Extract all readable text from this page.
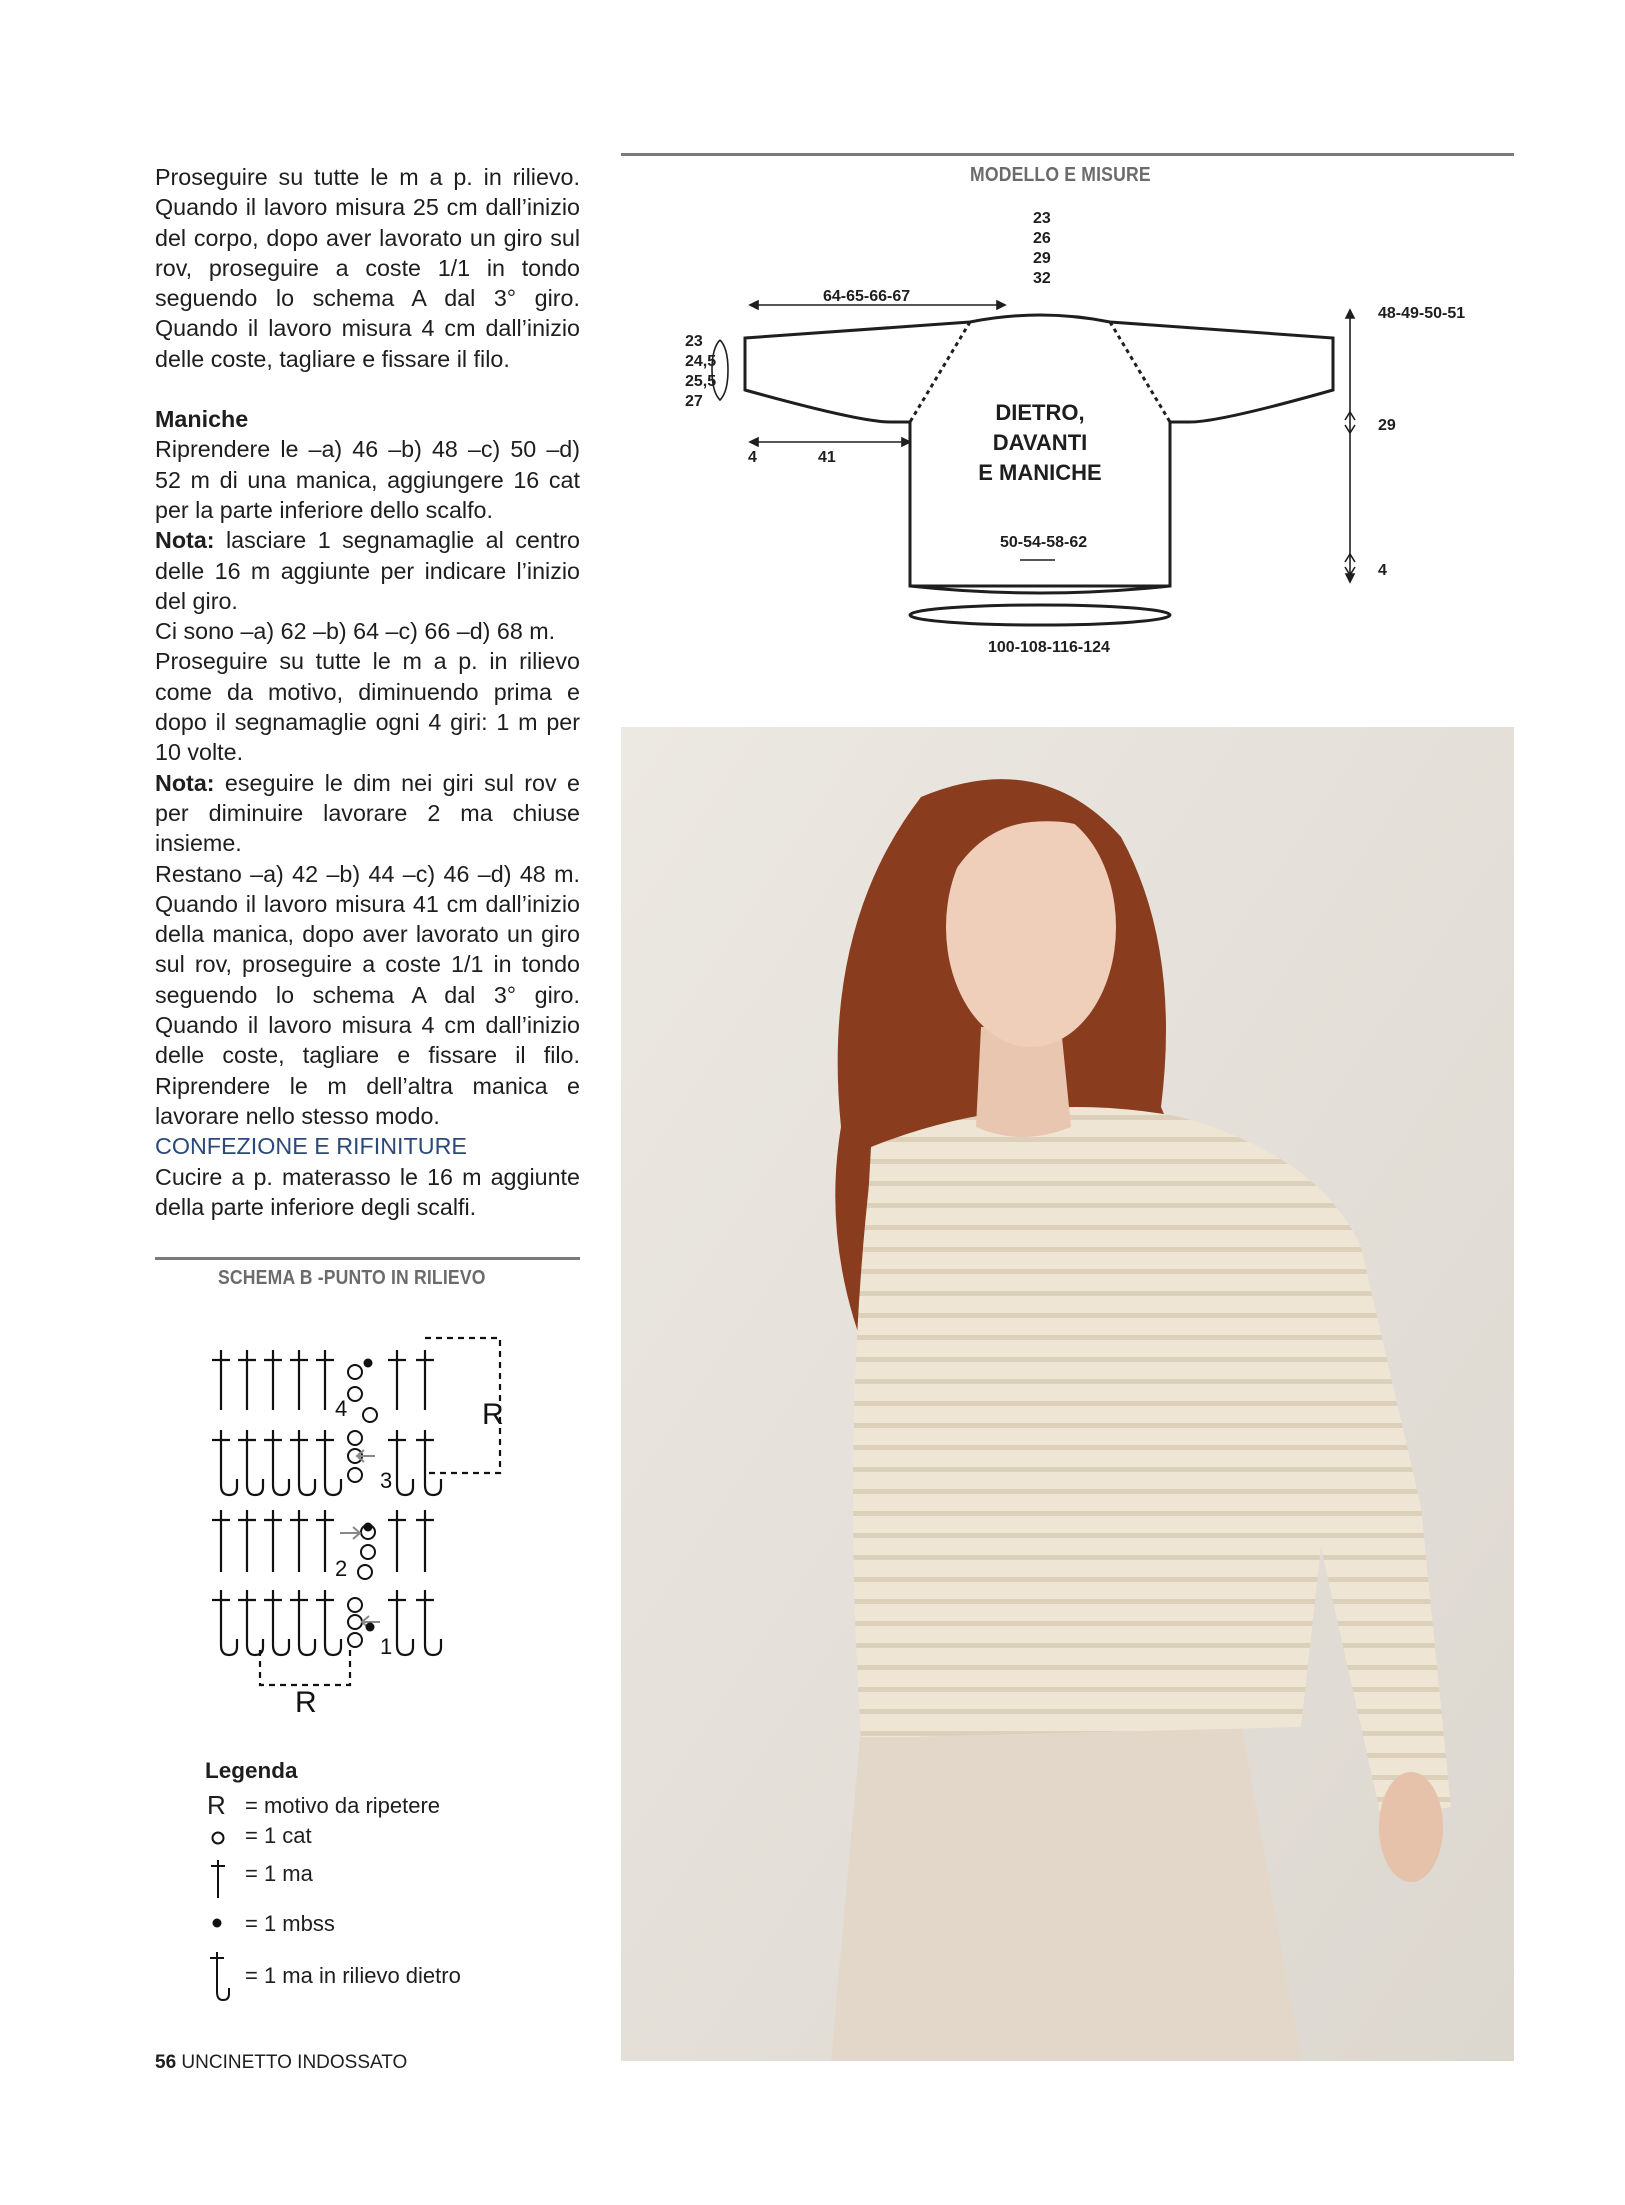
Proseguire su tutte le m a p. in rilievo. Quando il lavoro misura 25 cm dall’inizio del corpo, dopo aver lavorato un giro sul rov, proseguire a coste 1/1 in tondo seguendo lo schema A dal 3° giro. Quando il lavoro misura 4 cm dall’inizio delle coste, tagliare e fissare il filo.

Maniche

Riprendere le –a) 46 –b) 48 –c) 50 –d) 52 m di una manica, aggiungere 16 cat per la parte inferiore dello scalfo.

Nota: lasciare 1 segnamaglie al centro delle 16 m aggiunte per indicare l’inizio del giro.

Ci sono –a) 62 –b) 64 –c) 66 –d) 68 m.

Proseguire su tutte le m a p. in rilievo come da motivo, diminuendo prima e dopo il segnamaglie ogni 4 giri: 1 m per 10 volte.

Nota: eseguire le dim nei giri sul rov e per diminuire lavorare 2 ma chiuse insieme.

Restano –a) 42 –b) 44 –c) 46 –d) 48 m. Quando il lavoro misura 41 cm dall’inizio della manica, dopo aver lavorato un giro sul rov, proseguire a coste 1/1 in tondo seguendo lo schema A dal 3° giro. Quando il lavoro misura 4 cm dall’inizio delle coste, tagliare e fissare il filo. Riprendere le m dell’altra manica e lavorare nello stesso modo.

CONFEZIONE E RIFINITURE

Cucire a p. materasso le 16 m aggiunte della parte inferiore degli scalfi.

SCHEMA B -PUNTO IN RILIEVO
4
3
2
1
R
R
Legenda
R = motivo da ripetere
= 1 cat
= 1 ma
= 1 mbss
= 1 ma in rilievo dietro
MODELLO E MISURE
23
26
29
32
64-65-66-67
48-49-50-51
23
24,5
25,5
27
4	41
29
4
50-54-58-62
100-108-116-124
DIETRO,
DAVANTI
E MANICHE
56 UNCINETTO INDOSSATO
